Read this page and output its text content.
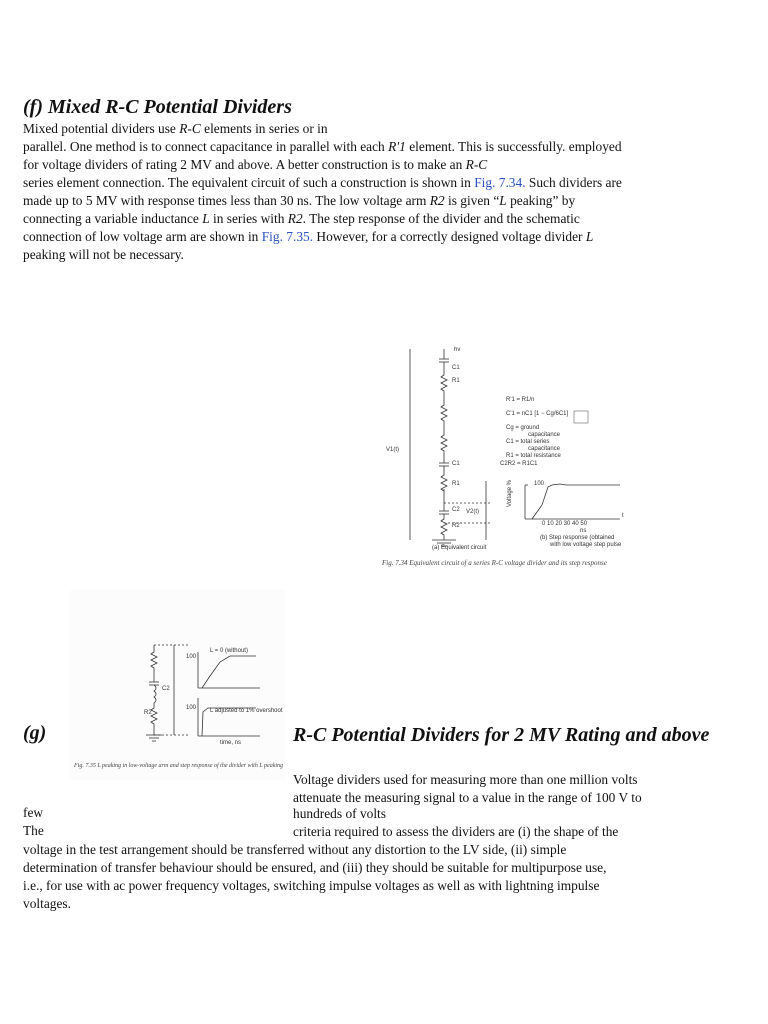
(f) Mixed R-C Potential Dividers
Mixed potential dividers use R-C elements in series or in
parallel. One method is to connect capacitance in parallel with each R'1 element. This is successfully. employed
for voltage dividers of rating 2 MV and above. A better construction is to make an R-C
series element connection. The equivalent circuit of such a construction is shown in Fig. 7.34. Such dividers are
made up to 5 MV with response times less than 30 ns. The low voltage arm R2 is given “L peaking” by
connecting a variable inductance L in series with R2. The step response of the divider and the schematic
connection of low voltage arm are shown in Fig. 7.35. However, for a correctly designed voltage divider L
peaking will not be necessary.
hv
C1
R1
V1(t)
C1
R1
C2
R2
V2(t)
(a) Equivalent circuit
R'1 = R1/n
C'1 = nC1 [1 − Cg/6C1]
Cg = ground
capacitance
C1 = total series
capacitance
R1 = total resistance
C2R2 = R1C1
100
Voltage %
0 10 20 30 40 50
t
ns
(b) Step response (obtained
with low voltage step pulse

Fig. 7.34 Equivalent circuit of a series R-C voltage divider and its step response

L = 0 (without)
L adjusted to 1% overshoot
100
100
time, ns
C2
R2

Fig. 7.35 L peaking in low-voltage arm and step response of the divider with L peaking

(g)	R-C Potential Dividers for 2 MV Rating and above
Voltage dividers used for measuring more than one million volts
attenuate the measuring signal to a value in the range of 100 V to
few	hundreds of volts
The	criteria required to assess the dividers are (i) the shape of the
voltage in the test arrangement should be transferred without any distortion to the LV side, (ii) simple
determination of transfer behaviour should be ensured, and (iii) they should be suitable for multipurpose use,
i.e., for use with ac power frequency voltages, switching impulse voltages as well as with lightning impulse
voltages.
